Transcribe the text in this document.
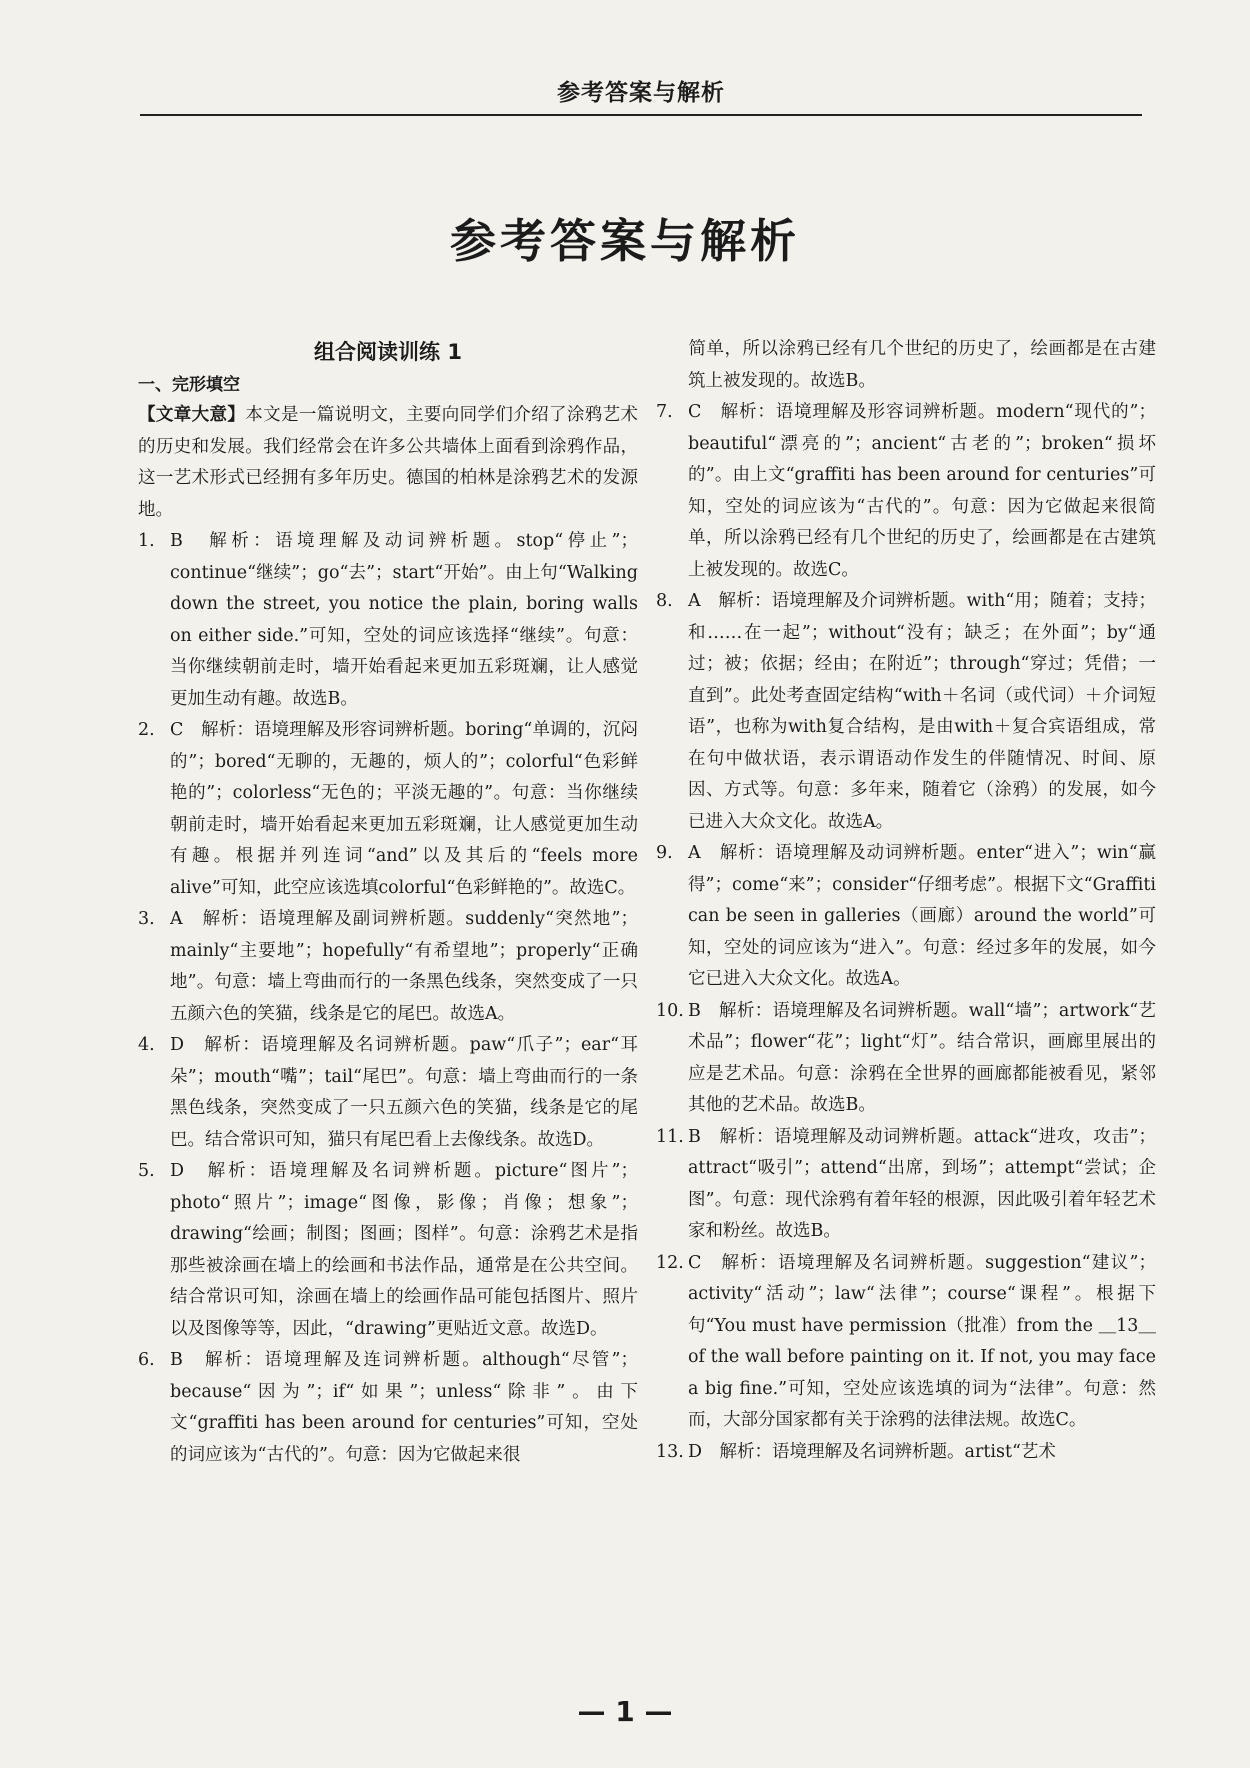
参考答案与解析
参考答案与解析
组合阅读训练 1
一、完形填空

【文章大意】本文是一篇说明文，主要向同学们介绍了涂鸦艺术的历史和发展。我们经常会在许多公共墙体上面看到涂鸦作品，这一艺术形式已经拥有多年历史。德国的柏林是涂鸦艺术的发源地。

1. B　解析：语境理解及动词辨析题。stop“停止”；continue“继续”；go“去”；start“开始”。由上句“Walking down the street, you notice the plain, boring walls on either side.”可知，空处的词应该选择“继续”。句意：当你继续朝前走时，墙开始看起来更加五彩斑斓，让人感觉更加生动有趣。故选B。

2. C　解析：语境理解及形容词辨析题。boring“单调的，沉闷的”；bored“无聊的，无趣的，烦人的”；colorful“色彩鲜艳的”；colorless“无色的；平淡无趣的”。句意：当你继续朝前走时，墙开始看起来更加五彩斑斓，让人感觉更加生动有趣。根据并列连词“and”以及其后的“feels more alive”可知，此空应该选填colorful“色彩鲜艳的”。故选C。

3. A　解析：语境理解及副词辨析题。suddenly“突然地”；mainly“主要地”；hopefully“有希望地”；properly“正确地”。句意：墙上弯曲而行的一条黑色线条，突然变成了一只五颜六色的笑猫，线条是它的尾巴。故选A。

4. D　解析：语境理解及名词辨析题。paw“爪子”；ear“耳朵”；mouth“嘴”；tail“尾巴”。句意：墙上弯曲而行的一条黑色线条，突然变成了一只五颜六色的笑猫，线条是它的尾巴。结合常识可知，猫只有尾巴看上去像线条。故选D。

5. D　解析：语境理解及名词辨析题。picture“图片”；photo“照片”；image“图像，影像；肖像；想象”；drawing“绘画；制图；图画；图样”。句意：涂鸦艺术是指那些被涂画在墙上的绘画和书法作品，通常是在公共空间。结合常识可知，涂画在墙上的绘画作品可能包括图片、照片以及图像等等，因此，“drawing”更贴近文意。故选D。

6. B　解析：语境理解及连词辨析题。although“尽管”；because“因为”；if“如果”；unless“除非”。由下文“graffiti has been around for centuries”可知，空处的词应该为“古代的”。句意：因为它做起来很

简单，所以涂鸦已经有几个世纪的历史了，绘画都是在古建筑上被发现的。故选B。

7. C　解析：语境理解及形容词辨析题。modern“现代的”；beautiful“漂亮的”；ancient“古老的”；broken“损坏的”。由上文“graffiti has been around for centuries”可知，空处的词应该为“古代的”。句意：因为它做起来很简单，所以涂鸦已经有几个世纪的历史了，绘画都是在古建筑上被发现的。故选C。

8. A　解析：语境理解及介词辨析题。with“用；随着；支持；和……在一起”；without“没有；缺乏；在外面”；by“通过；被；依据；经由；在附近”；through“穿过；凭借；一直到”。此处考查固定结构“with＋名词（或代词）＋介词短语”，也称为with复合结构，是由with＋复合宾语组成，常在句中做状语，表示谓语动作发生的伴随情况、时间、原因、方式等。句意：多年来，随着它（涂鸦）的发展，如今已进入大众文化。故选A。

9. A　解析：语境理解及动词辨析题。enter“进入”；win“赢得”；come“来”；consider“仔细考虑”。根据下文“Graffiti can be seen in galleries（画廊）around the world”可知，空处的词应该为“进入”。句意：经过多年的发展，如今它已进入大众文化。故选A。

10. B　解析：语境理解及名词辨析题。wall“墙”；artwork“艺术品”；flower“花”；light“灯”。结合常识，画廊里展出的应是艺术品。句意：涂鸦在全世界的画廊都能被看见，紧邻其他的艺术品。故选B。

11. B　解析：语境理解及动词辨析题。attack“进攻，攻击”；attract“吸引”；attend“出席，到场”；attempt“尝试；企图”。句意：现代涂鸦有着年轻的根源，因此吸引着年轻艺术家和粉丝。故选B。

12. C　解析：语境理解及名词辨析题。suggestion“建议”；activity“活动”；law“法律”；course“课程”。根据下句“You must have permission（批准）from the ＿13＿ of the wall before painting on it. If not, you may face a big fine.”可知，空处应该选填的词为“法律”。句意：然而，大部分国家都有关于涂鸦的法律法规。故选C。

13. D　解析：语境理解及名词辨析题。artist“艺术

— 1 —
